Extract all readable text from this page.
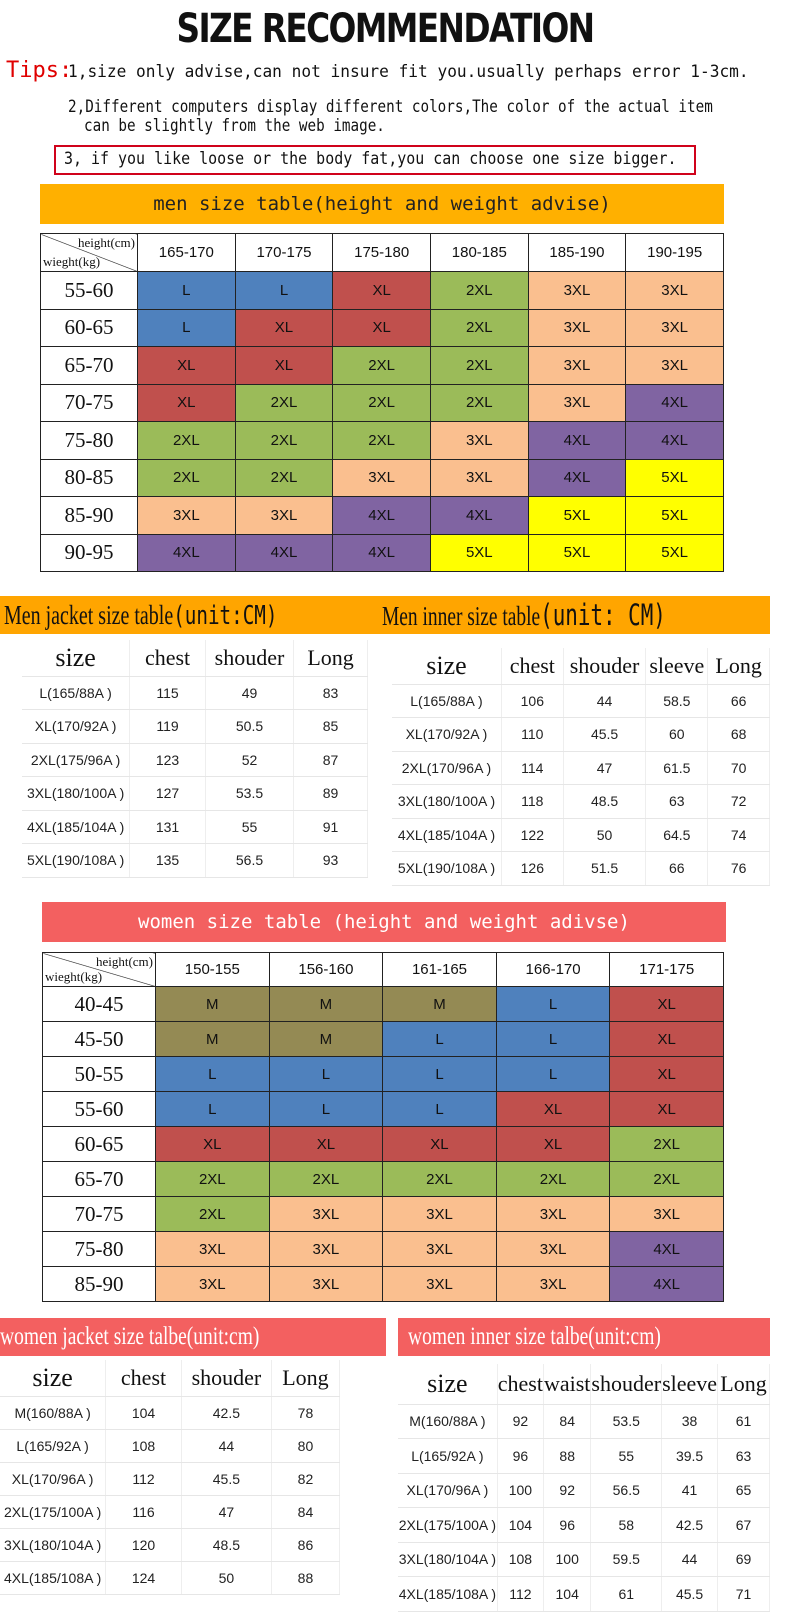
SIZE RECOMMENDATION
Tips:
1,size only advise,can not insure fit you.usually perhaps error 1-3cm.
2,Different computers display different colors,The color of the actual item
can be slightly from the web image.
3, if you like loose or the body fat,you can choose one size bigger.
men size table(height and weight advise)
height(cm)
wieght(kg)	165-170	170-175	175-180	180-185	185-190	190-195
55-60	L	L	XL	2XL	3XL	3XL
60-65	L	XL	XL	2XL	3XL	3XL
65-70	XL	XL	2XL	2XL	3XL	3XL
70-75	XL	2XL	2XL	2XL	3XL	4XL
75-80	2XL	2XL	2XL	3XL	4XL	4XL
80-85	2XL	2XL	3XL	3XL	4XL	5XL
85-90	3XL	3XL	4XL	4XL	5XL	5XL
90-95	4XL	4XL	4XL	5XL	5XL	5XL
Men jacket size table(unit:CM)	Men inner size table(unit: CM)
size	chest	shouder	Long
L(165/88A )	115	49	83
XL(170/92A )	119	50.5	85
2XL(175/96A )	123	52	87
3XL(180/100A )	127	53.5	89
4XL(185/104A )	131	55	91
5XL(190/108A )	135	56.5	93
size	chest	shouder	sleeve	Long
L(165/88A )	106	44	58.5	66
XL(170/92A )	110	45.5	60	68
2XL(170/96A )	114	47	61.5	70
3XL(180/100A )	118	48.5	63	72
4XL(185/104A )	122	50	64.5	74
5XL(190/108A )	126	51.5	66	76
women size table (height and weight adivse)
height(cm)
wieght(kg)	150-155	156-160	161-165	166-170	171-175
40-45	M	M	M	L	XL
45-50	M	M	L	L	XL
50-55	L	L	L	L	XL
55-60	L	L	L	XL	XL
60-65	XL	XL	XL	XL	2XL
65-70	2XL	2XL	2XL	2XL	2XL
70-75	2XL	3XL	3XL	3XL	3XL
75-80	3XL	3XL	3XL	3XL	4XL
85-90	3XL	3XL	3XL	3XL	4XL
women jacket size talbe(unit:cm)	women inner size talbe(unit:cm)
size	chest	shouder	Long
M(160/88A )	104	42.5	78
L(165/92A )	108	44	80
XL(170/96A )	112	45.5	82
2XL(175/100A )	116	47	84
3XL(180/104A )	120	48.5	86
4XL(185/108A )	124	50	88
size	chest	waist	shouder	sleeve	Long
M(160/88A )	92	84	53.5	38	61
L(165/92A )	96	88	55	39.5	63
XL(170/96A )	100	92	56.5	41	65
2XL(175/100A )	104	96	58	42.5	67
3XL(180/104A )	108	100	59.5	44	69
4XL(185/108A )	112	104	61	45.5	71
